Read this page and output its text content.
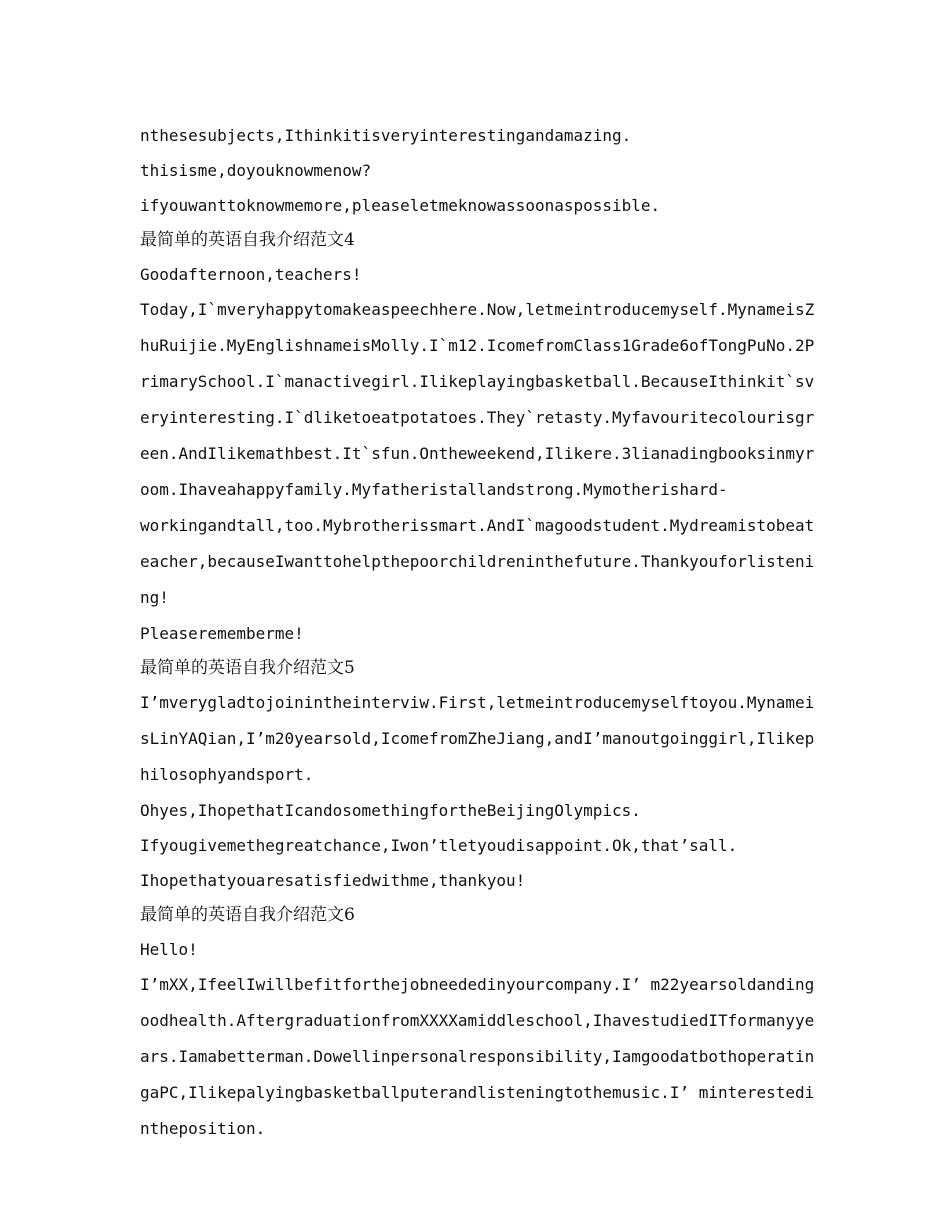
nthesesubjects,Ithinkitisveryinterestingandamazing.

thisisme,doyouknowmenow?

ifyouwanttoknowmemore,pleaseletmeknowassoonaspossible.

最简单的英语自我介绍范文4

Goodafternoon,teachers!

Today,I`mveryhappytomakeaspeechhere.Now,letmeintroducemyself.MynameisZhuRuijie.MyEnglishnameisMolly.I`m12.IcomefromClass1Grade6ofTongPuNo.2PrimarySchool.I`manactivegirl.Ilikeplayingbasketball.BecauseIthinkit`sveryinteresting.I`dliketoeatpotatoes.They`retasty.Myfavouritecolourisgreen.AndIlikemathbest.It`sfun.Ontheweekend,Ilikere.3lianadingbooksinmyroom.Ihaveahappyfamily.Myfatheristallandstrong.Mymotherishard-

workingandtall,too.Mybrotherissmart.AndI`magoodstudent.Mydreamistobeateacher,becauseIwanttohelpthepoorchildreninthefuture.Thankyouforlistening!

Pleaserememberme!

最简单的英语自我介绍范文5

I’mverygladtojoinintheinterviw.First,letmeintroducemyselftoyou.MynameisLinYAQian,I’m20yearsold,IcomefromZheJiang,andI’manoutgoinggirl,Ilikephilosophyandsport.

Ohyes,IhopethatIcandosomethingfortheBeijingOlympics.

Ifyougivemethegreatchance,Iwon’tletyoudisappoint.Ok,that’sall.

Ihopethatyouaresatisfiedwithme,thankyou!

最简单的英语自我介绍范文6

Hello!

I’mXX,IfeelIwillbefitforthejobneededinyourcompany.I’ m22yearsoldandingoodhealth.AftergraduationfromXXXXamiddleschool,IhavestudiedITformanyyears.Iamabetterman.Dowellinpersonalresponsibility,IamgoodatbothoperatingaPC,Ilikepalyingbasketballputerandlisteningtothemusic.I’ minterestedintheposition.
